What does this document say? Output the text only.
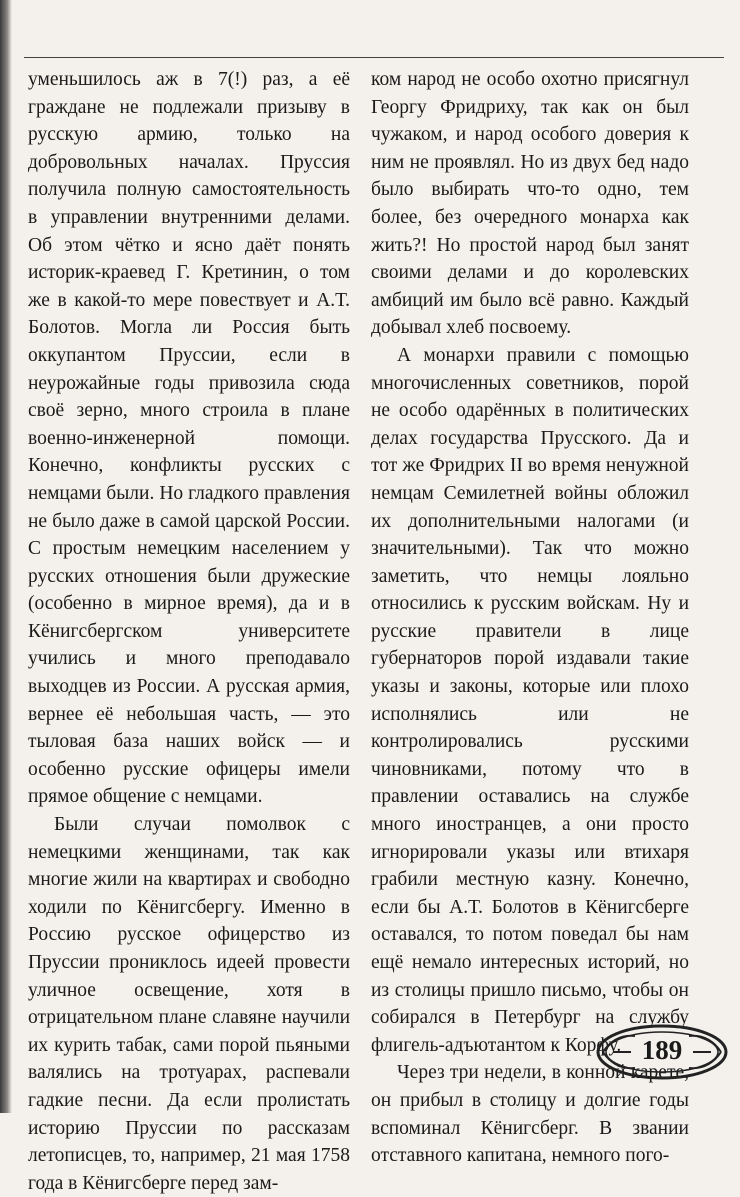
уменьшилось аж в 7(!) раз, а её граждане не подлежали призыву в русскую армию, только на добровольных началах. Пруссия получила полную самостоятельность в управлении внутренними делами. Об этом чётко и ясно даёт понять историк-краевед Г. Кретинин, о том же в какой-то мере повествует и А.Т. Болотов. Могла ли Россия быть оккупантом Пруссии, если в неурожайные годы привозила сюда своё зерно, много строила в плане военно-инженерной помощи. Конечно, конфликты русских с немцами были. Но гладкого правления не было даже в самой царской России. С простым немецким населением у русских отношения были дружеские (особенно в мирное время), да и в Кёнигсбергском университете учились и много преподавало выходцев из России. А русская армия, вернее её небольшая часть, — это тыловая база наших войск — и особенно русские офицеры имели прямое общение с немцами.

Были случаи помолвок с немецкими женщинами, так как многие жили на квартирах и свободно ходили по Кёнигсбергу. Именно в Россию русское офицерство из Пруссии прониклось идеей провести уличное освещение, хотя в отрицательном плане славяне научили их курить табак, сами порой пьяными валялись на тротуарах, распевали гадкие песни. Да если пролистать историю Пруссии по рассказам летописцев, то, например, 21 мая 1758 года в Кёнигсберге перед зам-

ком народ не особо охотно присягнул Георгу Фридриху, так как он был чужаком, и народ особого доверия к ним не проявлял. Но из двух бед надо было выбирать что-то одно, тем более, без очередного монарха как жить?! Но простой народ был занят своими делами и до королевских амбиций им было всё равно. Каждый добывал хлеб посвоему.

А монархи правили с помощью многочисленных советников, порой не особо одарённых в политических делах государства Прусского. Да и тот же Фридрих II во время ненужной немцам Семилетней войны обложил их дополнительными налогами (и значительными). Так что можно заметить, что немцы лояльно относились к русским войскам. Ну и русские правители в лице губернаторов порой издавали такие указы и законы, которые или плохо исполнялись или не контролировались русскими чиновниками, потому что в правлении оставались на службе много иностранцев, а они просто игнорировали указы или втихаря грабили местную казну. Конечно, если бы А.Т. Болотов в Кёнигсберге оставался, то потом поведал бы нам ещё немало интересных историй, но из столицы пришло письмо, чтобы он собирался в Петербург на службу флигель-адъютантом к Корфу.

Через три недели, в конной карете, он прибыл в столицу и долгие годы вспоминал Кёнигсберг. В звании отставного капитана, немного пого-

189
